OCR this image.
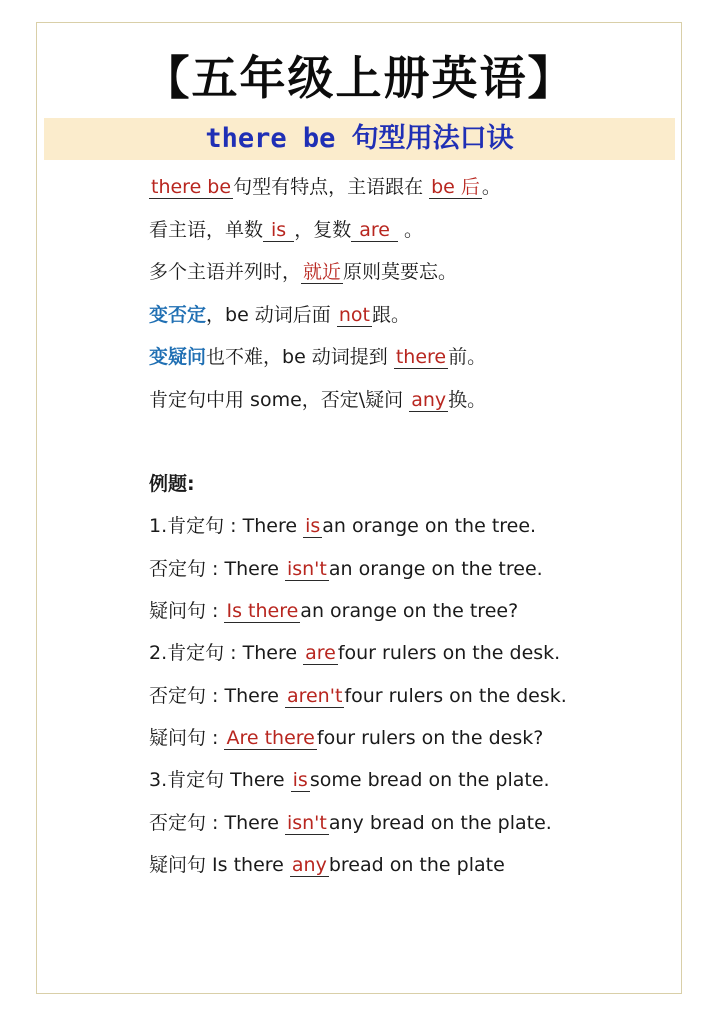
【五年级上册英语】
there be 句型用法口诀
there be 句型有特点，主语跟在 be 后 。
看主语，单数 is ，复数 are 。
多个主语并列时， 就近 原则莫要忘。
变否定，be 动词后面 not 跟。
变疑问也不难，be 动词提到 there 前。
肯定句中用 some，否定\疑问 any 换。
例题:
1.肯定句 : There is an orange on the tree.
否定句 : There isn't an orange on the tree.
疑问句 : Is there an orange on the tree?
2.肯定句 : There are four rulers on the desk.
否定句 : There aren't four rulers on the desk.
疑问句 : Are there four rulers on the desk?
3.肯定句 There is some bread on the plate.
否定句 : There isn't any bread on the plate.
疑问句 Is there any bread on the plate
